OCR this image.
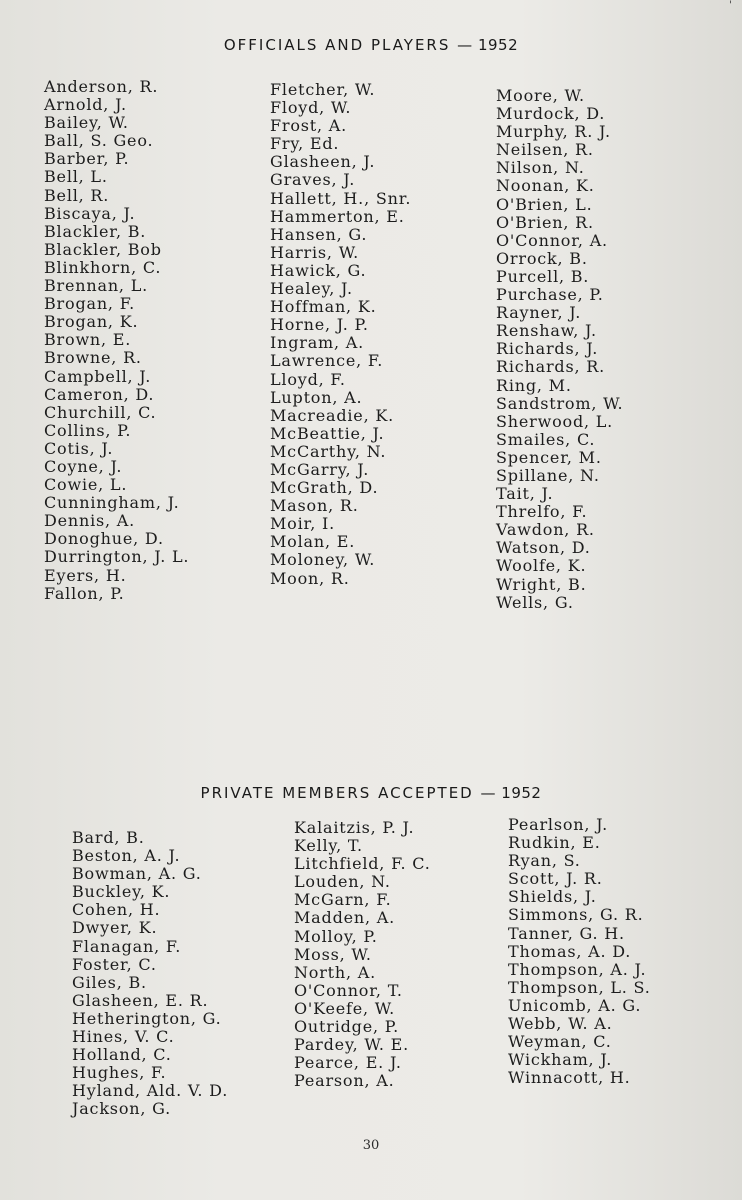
'
OFFICIALS AND PLAYERS — 1952
Anderson, R.
Arnold, J.
Bailey, W.
Ball, S. Geo.
Barber, P.
Bell, L.
Bell, R.
Biscaya, J.
Blackler, B.
Blackler, Bob
Blinkhorn, C.
Brennan, L.
Brogan, F.
Brogan, K.
Brown, E.
Browne, R.
Campbell, J.
Cameron, D.
Churchill, C.
Collins, P.
Cotis, J.
Coyne, J.
Cowie, L.
Cunningham, J.
Dennis, A.
Donoghue, D.
Durrington, J. L.
Eyers, H.
Fallon, P.
Fletcher, W.
Floyd, W.
Frost, A.
Fry, Ed.
Glasheen, J.
Graves, J.
Hallett, H., Snr.
Hammerton, E.
Hansen, G.
Harris, W.
Hawick, G.
Healey, J.
Hoffman, K.
Horne, J. P.
Ingram, A.
Lawrence, F.
Lloyd, F.
Lupton, A.
Macreadie, K.
McBeattie, J.
McCarthy, N.
McGarry, J.
McGrath, D.
Mason, R.
Moir, I.
Molan, E.
Moloney, W.
Moon, R.
Moore, W.
Murdock, D.
Murphy, R. J.
Neilsen, R.
Nilson, N.
Noonan, K.
O'Brien, L.
O'Brien, R.
O'Connor, A.
Orrock, B.
Purcell, B.
Purchase, P.
Rayner, J.
Renshaw, J.
Richards, J.
Richards, R.
Ring, M.
Sandstrom, W.
Sherwood, L.
Smailes, C.
Spencer, M.
Spillane, N.
Tait, J.
Threlfo, F.
Vawdon, R.
Watson, D.
Woolfe, K.
Wright, B.
Wells, G.
PRIVATE MEMBERS ACCEPTED — 1952
Bard, B.
Beston, A. J.
Bowman, A. G.
Buckley, K.
Cohen, H.
Dwyer, K.
Flanagan, F.
Foster, C.
Giles, B.
Glasheen, E. R.
Hetherington, G.
Hines, V. C.
Holland, C.
Hughes, F.
Hyland, Ald. V. D.
Jackson, G.
Kalaitzis, P. J.
Kelly, T.
Litchfield, F. C.
Louden, N.
McGarn, F.
Madden, A.
Molloy, P.
Moss, W.
North, A.
O'Connor, T.
O'Keefe, W.
Outridge, P.
Pardey, W. E.
Pearce, E. J.
Pearson, A.
Pearlson, J.
Rudkin, E.
Ryan, S.
Scott, J. R.
Shields, J.
Simmons, G. R.
Tanner, G. H.
Thomas, A. D.
Thompson, A. J.
Thompson, L. S.
Unicomb, A. G.
Webb, W. A.
Weyman, C.
Wickham, J.
Winnacott, H.
30
